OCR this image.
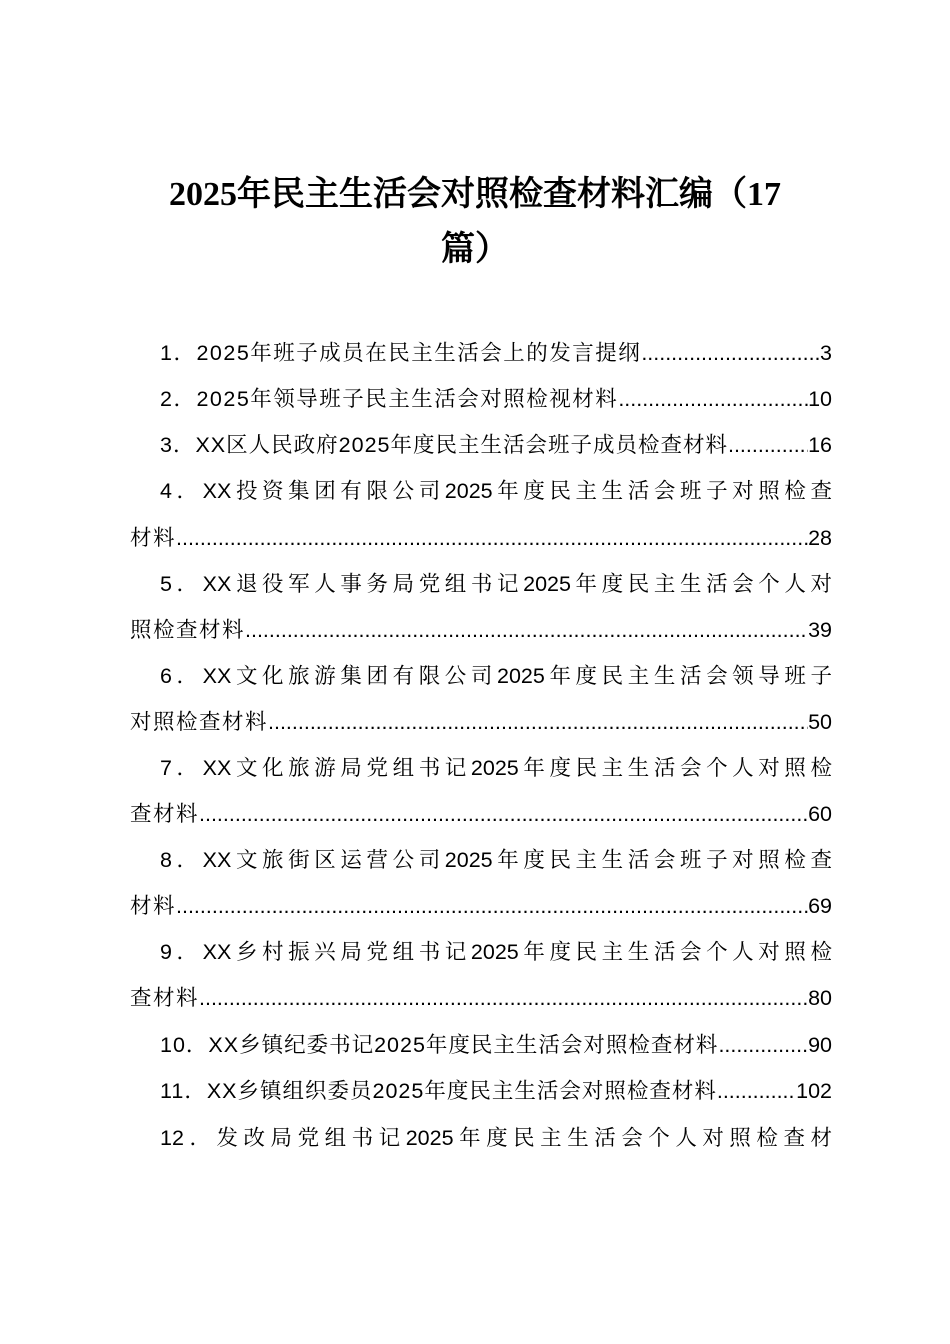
2025年民主生活会对照检查材料汇编（17
篇）
1．2025年班子成员在民主生活会上的发言提纲 .....	3
2．2025年领导班子民主生活会对照检视材料 .....	10
3．XX区人民政府2025年度民主生活会班子成员检查材料 .....	16
4．XX投资集团有限公司2025年度民主生活会班子对照检查
材料 .....	28
5．XX退役军人事务局党组书记2025年度民主生活会个人对
照检查材料 .....	39
6．XX文化旅游集团有限公司2025年度民主生活会领导班子
对照检查材料 .....	50
7．XX文化旅游局党组书记2025年度民主生活会个人对照检
查材料 .....	60
8．XX文旅街区运营公司2025年度民主生活会班子对照检查
材料 .....	69
9．XX乡村振兴局党组书记2025年度民主生活会个人对照检
查材料 .....	80
10．XX乡镇纪委书记2025年度民主生活会对照检查材料 .....	90
11．XX乡镇组织委员2025年度民主生活会对照检查材料 .....	102
12．发改局党组书记2025年度民主生活会个人对照检查材
